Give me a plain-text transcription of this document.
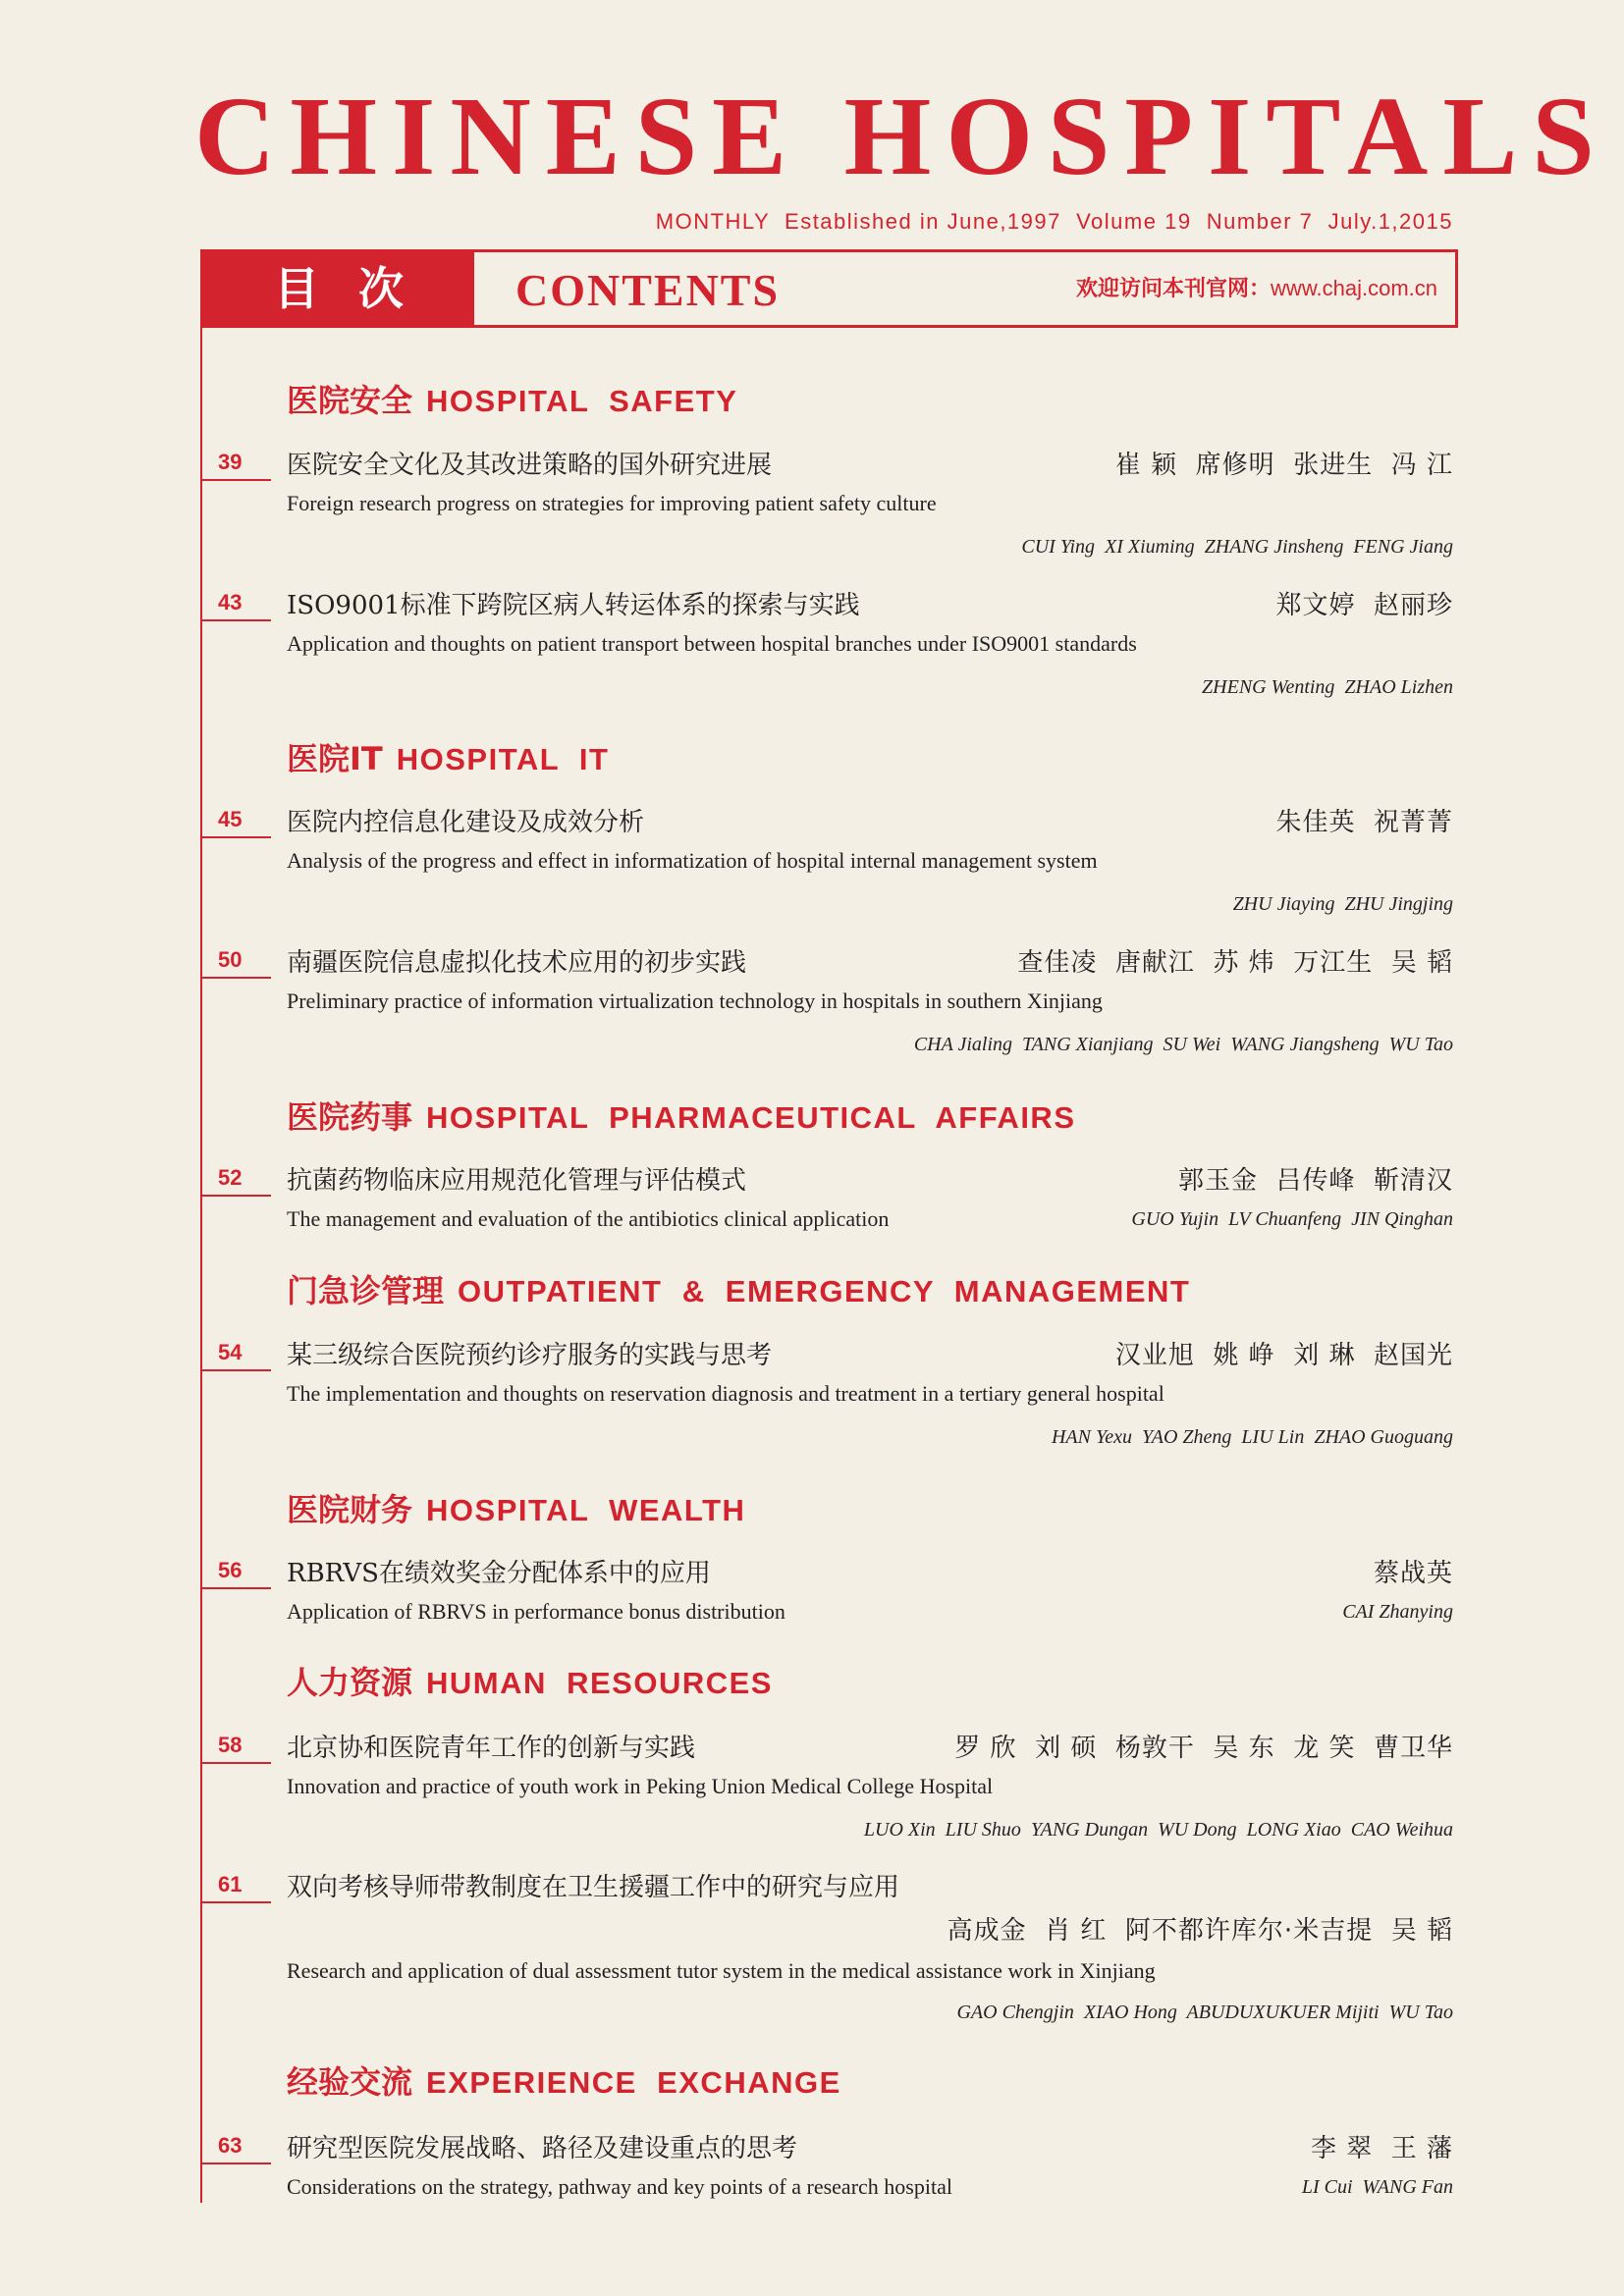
CHINESE HOSPITALS
MONTHLY  Established in June,1997  Volume 19  Number 7  July.1,2015
目次	CONTENTS	欢迎访问本刊官网：www.chaj.com.cn
医院安全 HOSPITAL  SAFETY
39 医院安全文化及其改进策略的国外研究进展	崔 颖  席修明  张进生  冯 江
Foreign research progress on strategies for improving patient safety culture
CUI Ying  XI Xiuming  ZHANG Jinsheng  FENG Jiang
43 ISO9001标准下跨院区病人转运体系的探索与实践	郑文婷  赵丽珍
Application and thoughts on patient transport between hospital branches under ISO9001 standards
ZHENG Wenting  ZHAO Lizhen
医院IT HOSPITAL  IT
45 医院内控信息化建设及成效分析	朱佳英  祝菁菁
Analysis of the progress and effect in informatization of hospital internal management system
ZHU Jiaying  ZHU Jingjing
50 南疆医院信息虚拟化技术应用的初步实践	查佳凌  唐献江  苏 炜  万江生  吴 韬
Preliminary practice of information virtualization technology in hospitals in southern Xinjiang
CHA Jialing  TANG Xianjiang  SU Wei  WANG Jiangsheng  WU Tao
医院药事 HOSPITAL  PHARMACEUTICAL  AFFAIRS
52 抗菌药物临床应用规范化管理与评估模式	郭玉金  吕传峰  靳清汉
The management and evaluation of the antibiotics clinical application	GUO Yujin  LV Chuanfeng  JIN Qinghan
门急诊管理 OUTPATIENT  &  EMERGENCY  MANAGEMENT
54 某三级综合医院预约诊疗服务的实践与思考	汉业旭  姚 峥  刘 琳  赵国光
The implementation and thoughts on reservation diagnosis and treatment in a tertiary general hospital
HAN Yexu  YAO Zheng  LIU Lin  ZHAO Guoguang
医院财务 HOSPITAL  WEALTH
56 RBRVS在绩效奖金分配体系中的应用	蔡战英
Application of RBRVS in performance bonus distribution	CAI Zhanying
人力资源 HUMAN  RESOURCES
58 北京协和医院青年工作的创新与实践	罗 欣  刘 硕  杨敦干  吴 东  龙 笑  曹卫华
Innovation and practice of youth work in Peking Union Medical College Hospital
LUO Xin  LIU Shuo  YANG Dungan  WU Dong  LONG Xiao  CAO Weihua
61 双向考核导师带教制度在卫生援疆工作中的研究与应用
高成金  肖 红  阿不都许库尔·米吉提  吴 韬
Research and application of dual assessment tutor system in the medical assistance work in Xinjiang
GAO Chengjin  XIAO Hong  ABUDUXUKUER Mijiti  WU Tao
经验交流 EXPERIENCE  EXCHANGE
63 研究型医院发展战略、路径及建设重点的思考	李 翠  王 藩
Considerations on the strategy, pathway and key points of a research hospital	LI Cui  WANG Fan
